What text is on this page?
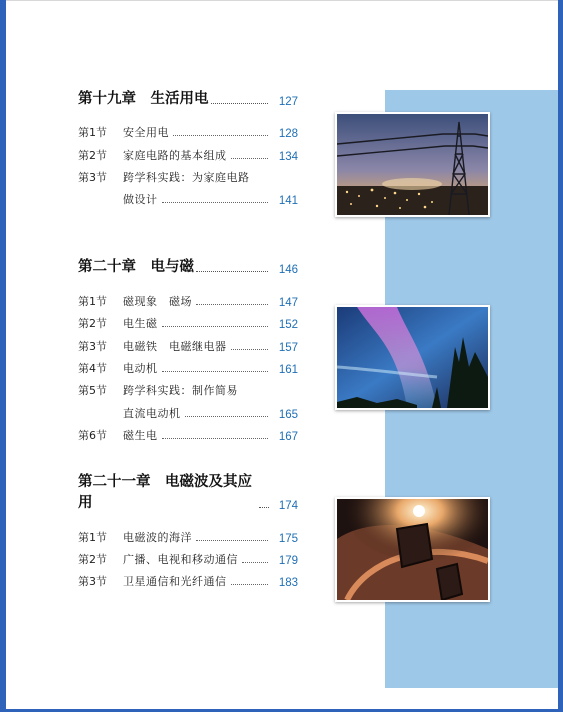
第十九章　生活用电	127
第1节	安全用电	128
第2节	家庭电路的基本组成	134
第3节	跨学科实践：为家庭电路
做设计	141
第二十章　电与磁	146
第1节	磁现象　磁场	147
第2节	电生磁	152
第3节	电磁铁　电磁继电器	157
第4节	电动机	161
第5节	跨学科实践：制作简易
直流电动机	165
第6节	磁生电	167
第二十一章　电磁波及其应用	174
第1节	电磁波的海洋	175
第2节	广播、电视和移动通信	179
第3节	卫星通信和光纤通信	183
